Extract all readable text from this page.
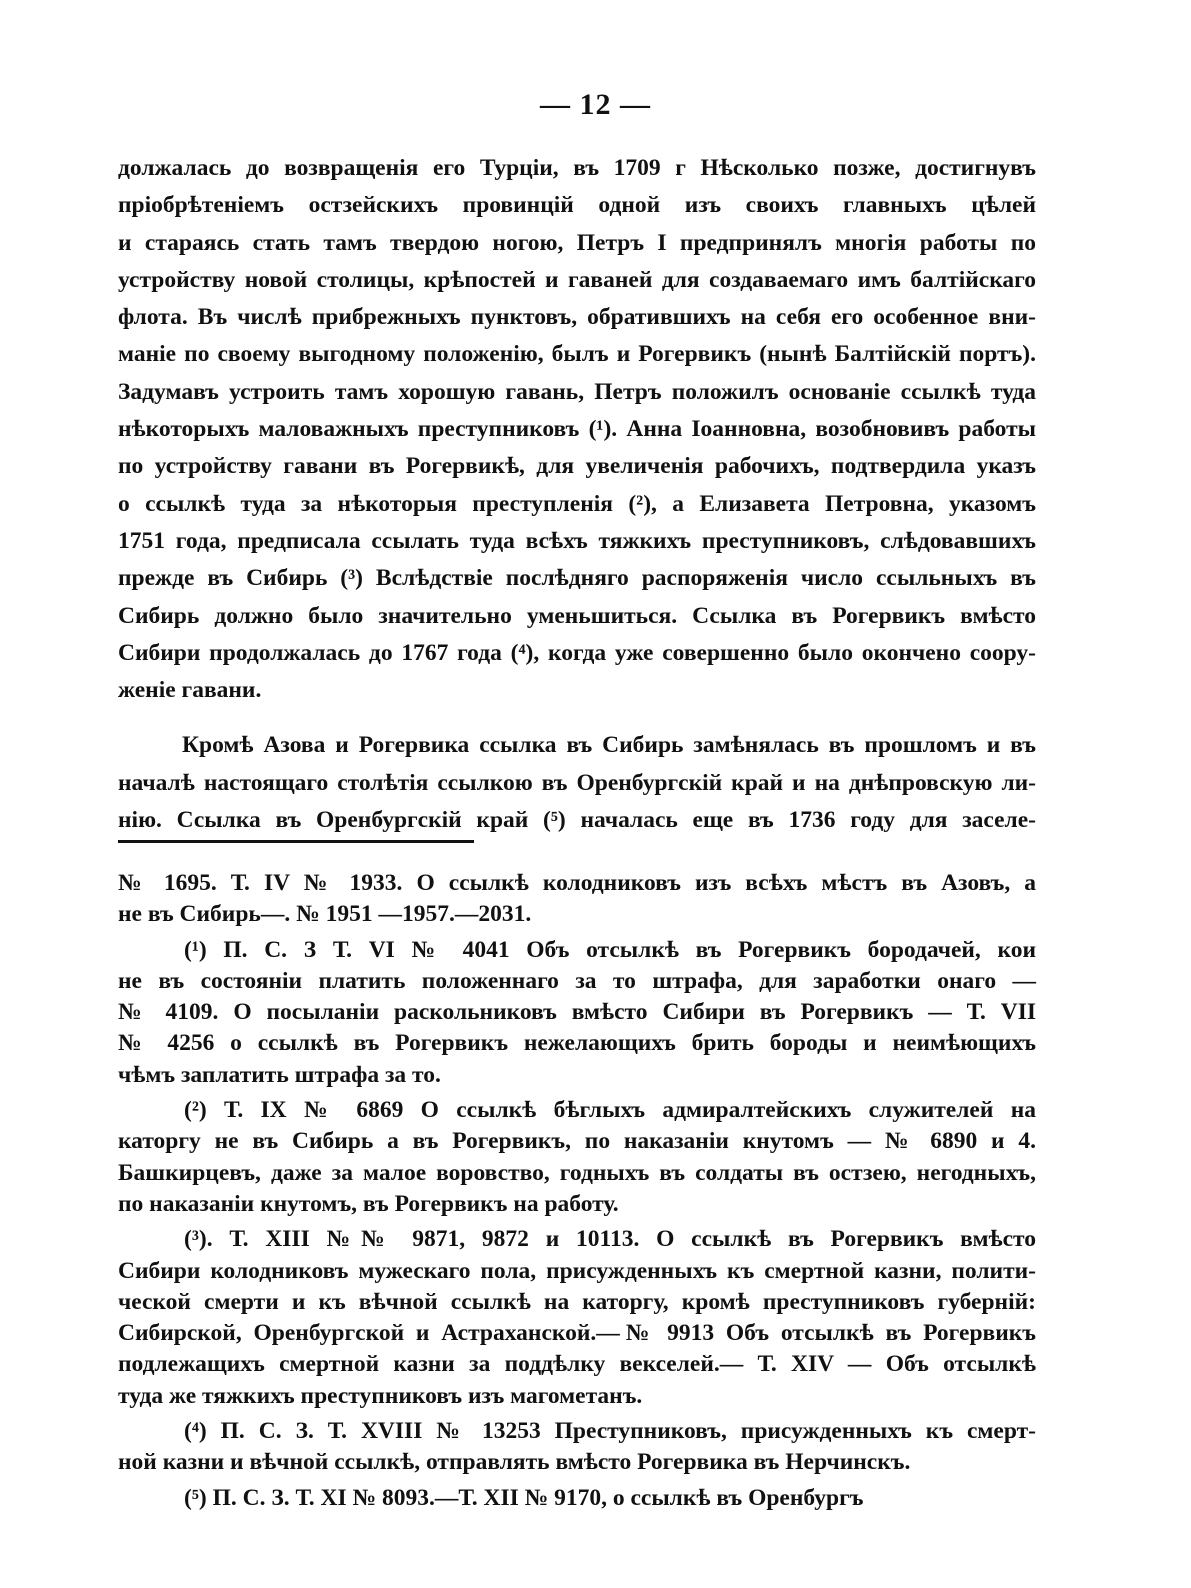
— 12 —

должалась до возвращенія его Турціи, въ 1709 г Нѣсколько позже, достигнувъ
пріобрѣтеніемъ остзейскихъ провинцій одной изъ своихъ главныхъ цѣлей
и стараясь стать тамъ твердою ногою, Петръ I предпринялъ многія работы по
устройству новой столицы, крѣпостей и гаваней для создаваемаго имъ балтійскаго
флота. Въ числѣ прибрежныхъ пунктовъ, обратившихъ на себя его особенное вни-
маніе по своему выгодному положенію, былъ и Рогервикъ (нынѣ Балтійскій портъ).
Задумавъ устроить тамъ хорошую гавань, Петръ положилъ основаніе ссылкѣ туда
нѣкоторыхъ маловажныхъ преступниковъ (¹). Анна Іоанновна, возобновивъ работы
по устройству гавани въ Рогервикѣ, для увеличенія рабочихъ, подтвердила указъ
о ссылкѣ туда за нѣкоторыя преступленія (²), а Елизавета Петровна, указомъ
1751 года, предписала ссылать туда всѣхъ тяжкихъ преступниковъ, слѣдовавшихъ
прежде въ Сибирь (³) Вслѣдствіе послѣдняго распоряженія число ссыльныхъ въ
Сибирь должно было значительно уменьшиться. Ссылка въ Рогервикъ вмѣсто
Сибири продолжалась до 1767 года (⁴), когда уже совершенно было окончено соору-
женіе гавани.

Кромѣ Азова и Рогервика ссылка въ Сибирь замѣнялась въ прошломъ и въ
началѣ настоящаго столѣтія ссылкою въ Оренбургскій край и на днѣпровскую ли-
нію. Ссылка въ Оренбургскій край (⁵) началась еще въ 1736 году для заселе-

№ 1695. Т. IV № 1933. О ссылкѣ колодниковъ изъ всѣхъ мѣстъ въ Азовъ, а
не въ Сибирь—. № 1951 —1957.—2031.
(¹) П. С. З Т. VI № 4041 Объ отсылкѣ въ Рогервикъ бородачей, кои
не въ состояніи платить положеннаго за то штрафа, для заработки онаго —
№ 4109. О посыланіи раскольниковъ вмѣсто Сибири въ Рогервикъ — Т. VII
№ 4256 о ссылкѣ въ Рогервикъ нежелающихъ брить бороды и неимѣющихъ
чѣмъ заплатить штрафа за то.
(²) Т. IX № 6869 О ссылкѣ бѣглыхъ адмиралтейскихъ служителей на
каторгу не въ Сибирь а въ Рогервикъ, по наказаніи кнутомъ — № 6890 и 4.
Башкирцевъ, даже за малое воровство, годныхъ въ солдаты въ остзею, негодныхъ,
по наказаніи кнутомъ, въ Рогервикъ на работу.
(³). Т. XIII №№ 9871, 9872 и 10113. О ссылкѣ въ Рогервикъ вмѣсто
Сибири колодниковъ мужескаго пола, присужденныхъ къ смертной казни, полити-
ческой смерти и къ вѣчной ссылкѣ на каторгу, кромѣ преступниковъ губерній:
Сибирской, Оренбургской и Астраханской.—№ 9913 Объ отсылкѣ въ Рогервикъ
подлежащихъ смертной казни за поддѣлку векселей.— Т. XIV — Объ отсылкѣ
туда же тяжкихъ преступниковъ изъ магометанъ.
(⁴) П. С. З. Т. XVIII № 13253 Преступниковъ, присужденныхъ къ смерт-
ной казни и вѣчной ссылкѣ, отправлять вмѣсто Рогервика въ Нерчинскъ.
(⁵) П. С. З. Т. XI № 8093.—Т. XII № 9170, о ссылкѣ въ Оренбургъ
